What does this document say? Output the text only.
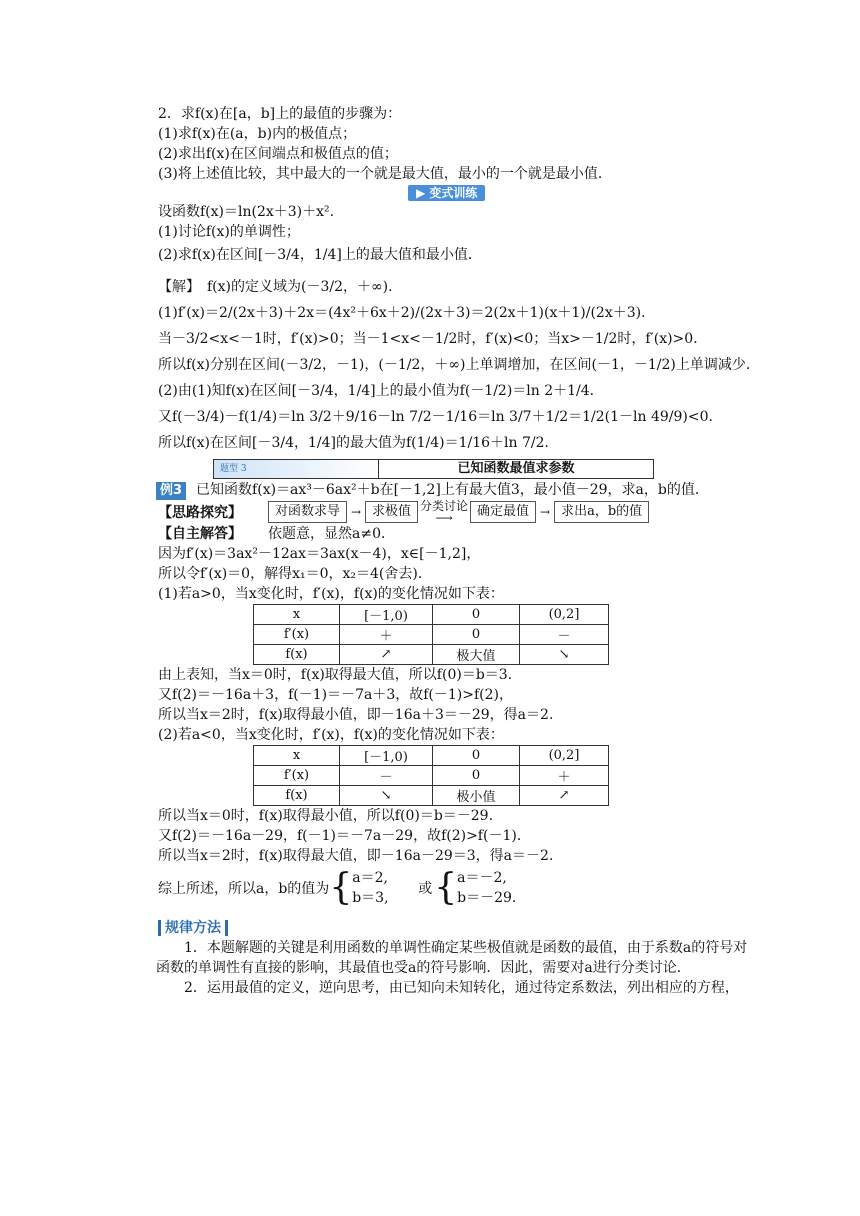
2．求f(x)在[a，b]上的最值的步骤为：
(1)求f(x)在(a，b)内的极值点；
(2)求出f(x)在区间端点和极值点的值；
(3)将上述值比较，其中最大的一个就是最大值，最小的一个就是最小值．
▶ 变式训练
设函数f(x)＝ln(2x＋3)＋x².
(1)讨论f(x)的单调性；
(2)求f(x)在区间[－3/4，1/4]上的最大值和最小值．
【解】　f(x)的定义域为(－3/2，＋∞)．
(1)f′(x)＝2/(2x＋3)＋2x＝(4x²＋6x＋2)/(2x＋3)＝2(2x＋1)(x＋1)/(2x＋3)．
当－3/2<x<－1时，f′(x)>0；当－1<x<－1/2时，f′(x)<0；当x>－1/2时，f′(x)>0．
所以f(x)分别在区间(－3/2，－1)，(－1/2，＋∞)上单调增加，在区间(－1，－1/2)上单调减少．
(2)由(1)知f(x)在区间[－3/4，1/4]上的最小值为f(－1/2)＝ln 2＋1/4．
又f(－3/4)－f(1/4)＝ln 3/2＋9/16－ln 7/2－1/16＝ln 3/7＋1/2＝1/2(1－ln 49/9)<0．
所以f(x)在区间[－3/4，1/4]的最大值为f(1/4)＝1/16＋ln 7/2．
题型 3	已知函数最值求参数
例3 已知函数f(x)＝ax³－6ax²＋b在[－1,2]上有最大值3，最小值－29，求a，b的值．
【思路探究】	对函数求导 → 求极值 分类讨论
⟶	确定最值 → 求出a，b的值
【自主解答】 依题意，显然a≠0．
因为f′(x)＝3ax²－12ax＝3ax(x－4)，x∈[－1,2]，
所以令f′(x)＝0，解得x₁＝0，x₂＝4(舍去)．
(1)若a>0，当x变化时，f′(x)，f(x)的变化情况如下表：
x	[－1,0)	0	(0,2]
f′(x)	＋	0	－
f(x)	↗	极大值	↘
由上表知，当x＝0时，f(x)取得最大值，所以f(0)＝b＝3.
又f(2)＝－16a＋3，f(－1)＝－7a＋3，故f(－1)>f(2)，
所以当x＝2时，f(x)取得最小值，即－16a＋3＝－29，得a＝2.
(2)若a<0，当x变化时，f′(x)，f(x)的变化情况如下表：
x	[－1,0)	0	(0,2]
f′(x)	－	0	＋
f(x)	↘	极小值	↗
所以当x＝0时，f(x)取得最小值，所以f(0)＝b＝－29.
又f(2)＝－16a－29，f(－1)＝－7a－29，故f(2)>f(－1)．
所以当x＝2时，f(x)取得最大值，即－16a－29＝3，得a＝－2.
综上所述，所以a，b的值为 { a＝2,
b＝3,
或 { a＝－2,
b＝－29.
规律方法
1．本题解题的关键是利用函数的单调性确定某些极值就是函数的最值，由于系数a的符号对函数的单调性有直接的影响，其最值也受a的符号影响．因此，需要对a进行分类讨论．
2．运用最值的定义，逆向思考，由已知向未知转化，通过待定系数法，列出相应的方程，
